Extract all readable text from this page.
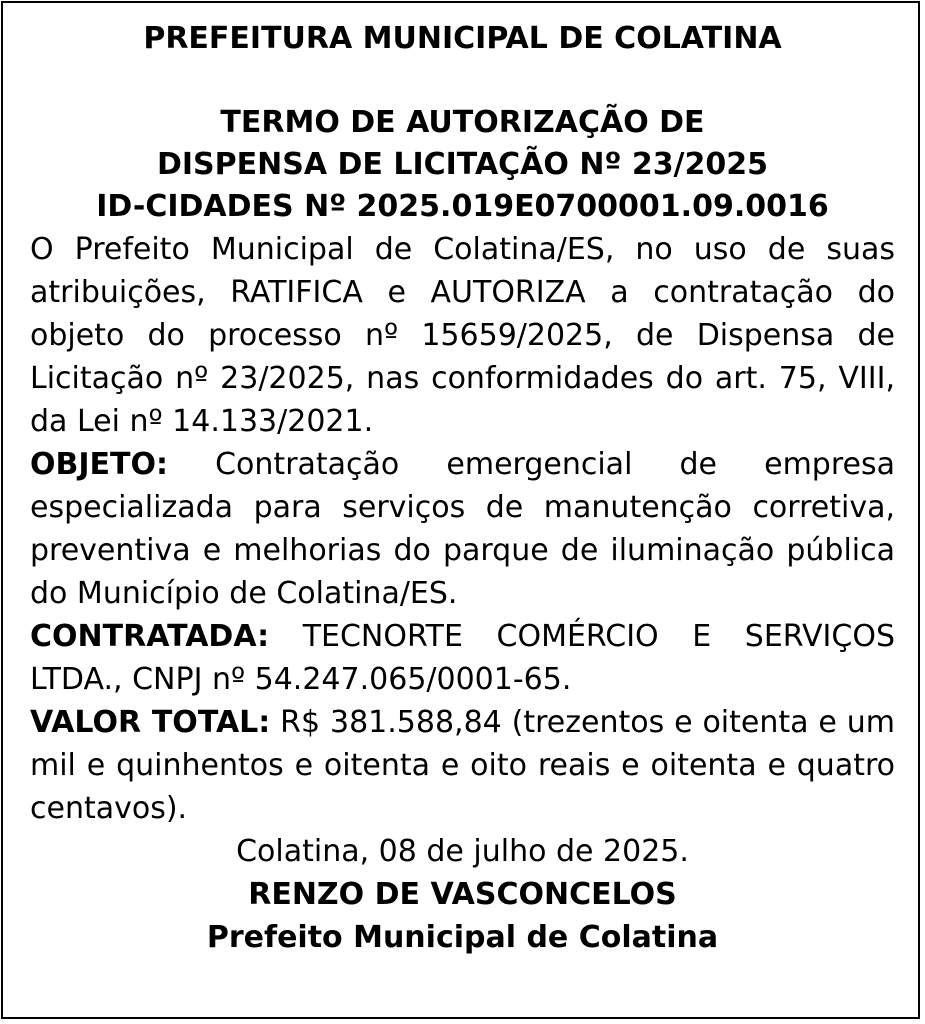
PREFEITURA MUNICIPAL DE COLATINA

TERMO DE AUTORIZAÇÃO DE

DISPENSA DE LICITAÇÃO Nº 23/2025

ID-CIDADES Nº 2025.019E0700001.09.0016

O Prefeito Municipal de Colatina/ES, no uso de suas atribuições, RATIFICA e AUTORIZA a contratação do objeto do processo nº 15659/2025, de Dispensa de Licitação nº 23/2025, nas conformidades do art. 75, VIII, da Lei nº 14.133/2021.

OBJETO: Contratação emergencial de empresa especializada para serviços de manutenção corretiva, preventiva e melhorias do parque de iluminação pública do Município de Colatina/ES.

CONTRATADA: TECNORTE COMÉRCIO E SERVIÇOS LTDA., CNPJ nº 54.247.065/0001-65.

VALOR TOTAL: R$ 381.588,84 (trezentos e oitenta e um mil e quinhentos e oitenta e oito reais e oitenta e quatro centavos).

Colatina, 08 de julho de 2025.

RENZO DE VASCONCELOS

Prefeito Municipal de Colatina
